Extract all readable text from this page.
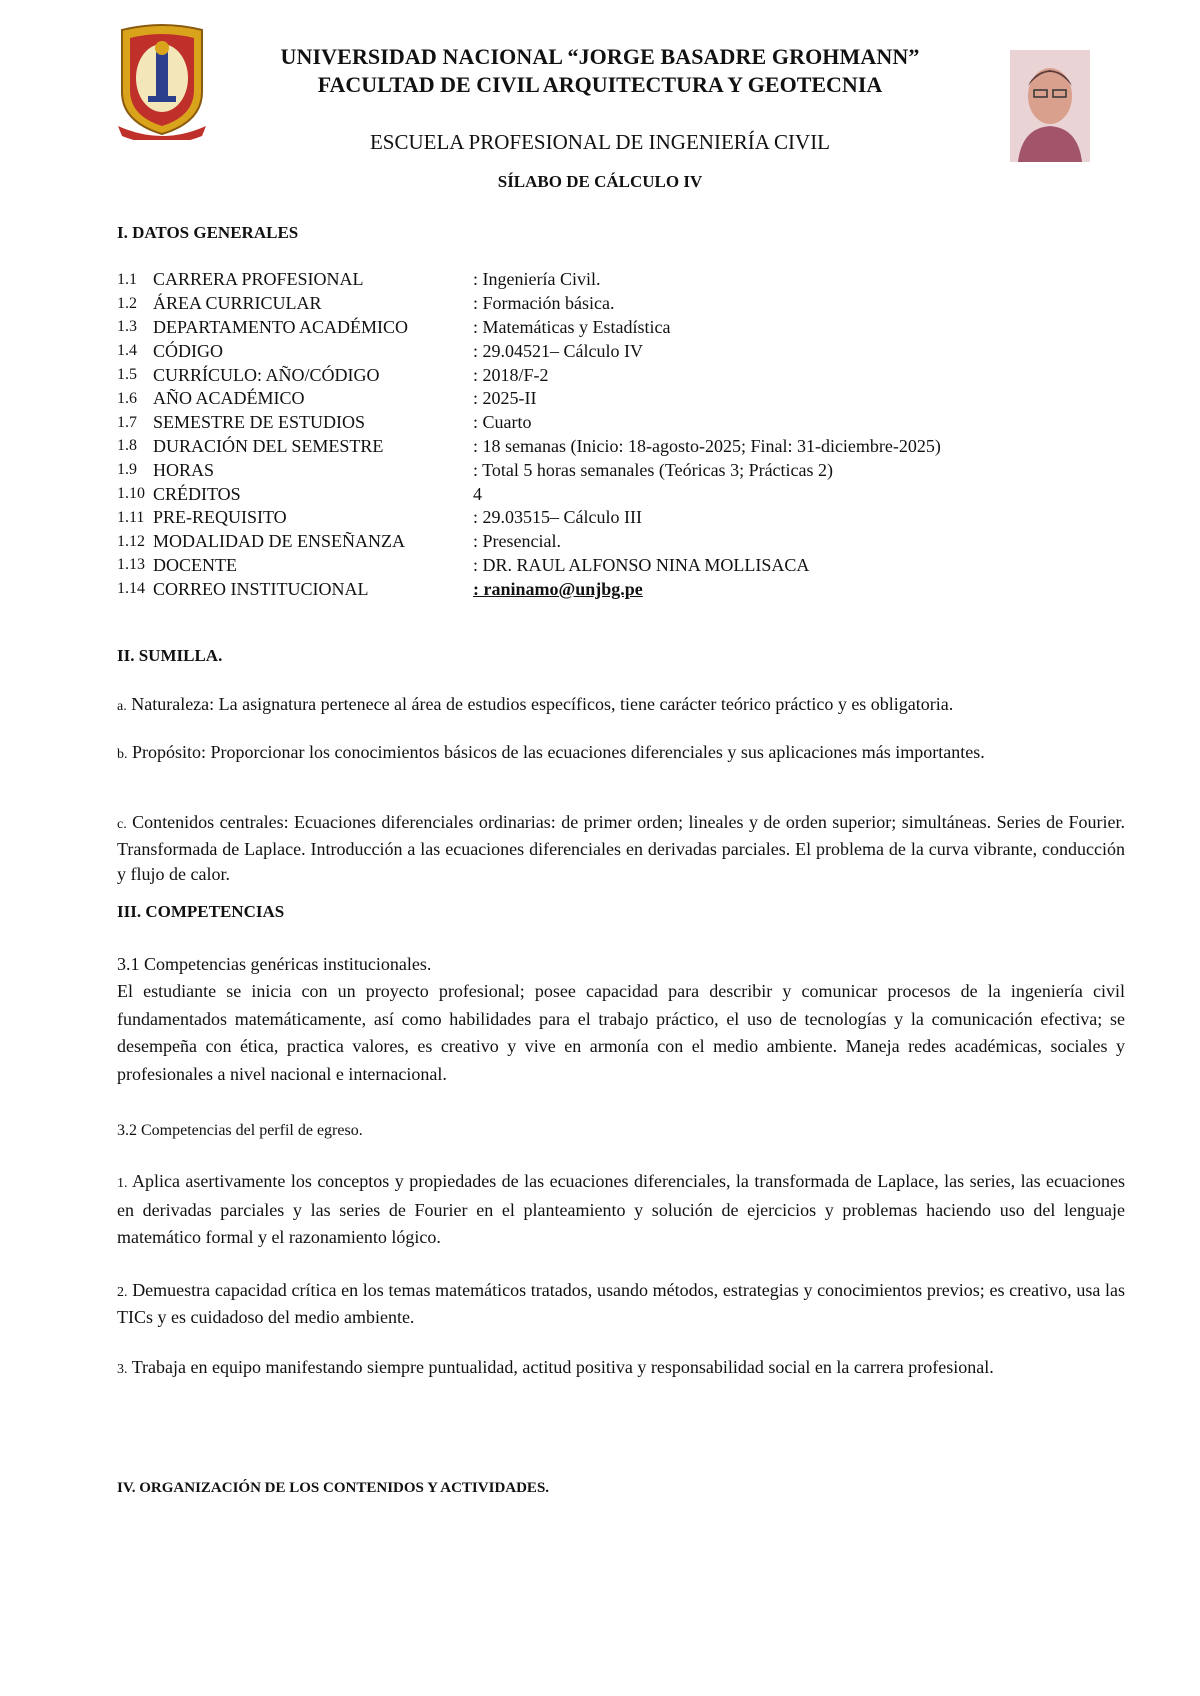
UNIVERSIDAD NACIONAL “JORGE BASADRE GROHMANN”
FACULTAD DE CIVIL ARQUITECTURA Y GEOTECNIA
ESCUELA PROFESIONAL DE INGENIERÍA CIVIL
SÍLABO DE CÁLCULO IV
I. DATOS GENERALES
1.1 CARRERA PROFESIONAL	: Ingeniería Civil.
1.2 ÁREA CURRICULAR	: Formación básica.
1.3 DEPARTAMENTO ACADÉMICO	: Matemáticas y Estadística
1.4 CÓDIGO	: 29.04521– Cálculo IV
1.5 CURRÍCULO: AÑO/CÓDIGO	: 2018/F-2
1.6 AÑO ACADÉMICO	: 2025-II
1.7 SEMESTRE DE ESTUDIOS	: Cuarto
1.8 DURACIÓN DEL SEMESTRE	: 18 semanas (Inicio: 18-agosto-2025; Final: 31-diciembre-2025)
1.9 HORAS	: Total 5 horas semanales (Teóricas 3; Prácticas 2)
1.10 CRÉDITOS	4
1.11 PRE-REQUISITO	: 29.03515– Cálculo III
1.12 MODALIDAD DE ENSEÑANZA	: Presencial.
1.13 DOCENTE	: DR. RAUL ALFONSO NINA MOLLISACA
1.14 CORREO INSTITUCIONAL	: raninamo@unjbg.pe
II. SUMILLA.

a. Naturaleza: La asignatura pertenece al área de estudios específicos, tiene carácter teórico práctico y es obligatoria.

b. Propósito: Proporcionar los conocimientos básicos de las ecuaciones diferenciales y sus aplicaciones más importantes.

c. Contenidos centrales: Ecuaciones diferenciales ordinarias: de primer orden; lineales y de orden superior; simultáneas. Series de Fourier. Transformada de Laplace. Introducción a las ecuaciones diferenciales en derivadas parciales. El problema de la curva vibrante, conducción y flujo de calor.

III. COMPETENCIAS

3.1 Competencias genéricas institucionales.

El estudiante se inicia con un proyecto profesional; posee capacidad para describir y comunicar procesos de la ingeniería civil fundamentados matemáticamente, así como habilidades para el trabajo práctico, el uso de tecnologías y la comunicación efectiva; se desempeña con ética, practica valores, es creativo y vive en armonía con el medio ambiente. Maneja redes académicas, sociales y profesionales a nivel nacional e internacional.

3.2 Competencias del perfil de egreso.

1. Aplica asertivamente los conceptos y propiedades de las ecuaciones diferenciales, la transformada de Laplace, las series, las ecuaciones en derivadas parciales y las series de Fourier en el planteamiento y solución de ejercicios y problemas haciendo uso del lenguaje matemático formal y el razonamiento lógico.

2. Demuestra capacidad crítica en los temas matemáticos tratados, usando métodos, estrategias y conocimientos previos; es creativo, usa las TICs y es cuidadoso del medio ambiente.

3. Trabaja en equipo manifestando siempre puntualidad, actitud positiva y responsabilidad social en la carrera profesional.

IV. ORGANIZACIÓN DE LOS CONTENIDOS Y ACTIVIDADES.
